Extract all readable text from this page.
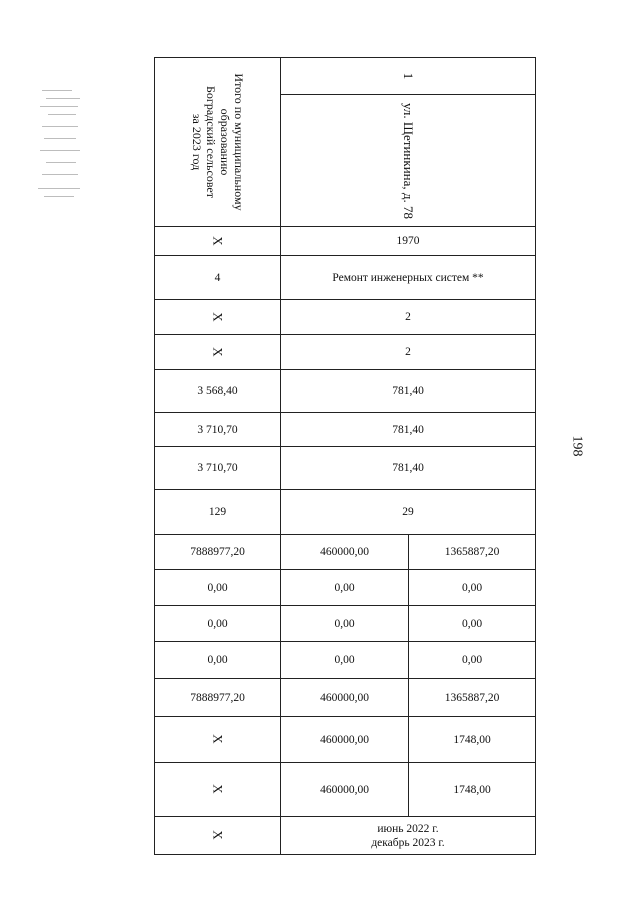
198
Итого по муниципальному
образованию
Боградский сельсовет
за 2023 год	1	

	ул. Щетинкина, д. 78	

X	1970	
4	Ремонт инженерных систем **	
X	2	
X	2	
3 568,40	781,40	
3 710,70	781,40	
3 710,70	781,40	
129	29	
7888977,20	460000,00	1365887,20
0,00	0,00	0,00
0,00	0,00	0,00
0,00	0,00	0,00
7888977,20	460000,00	1365887,20
X	460000,00	1748,00
X	460000,00	1748,00
X	июнь 2022 г.
декабрь 2023 г.	
